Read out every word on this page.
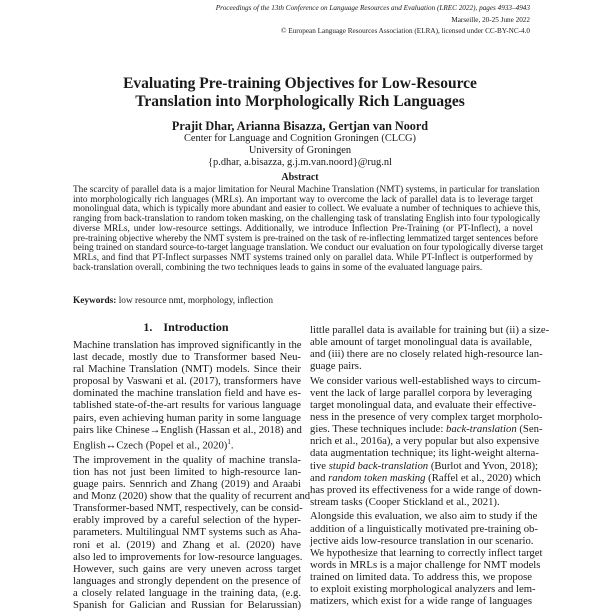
Proceedings of the 13th Conference on Language Resources and Evaluation (LREC 2022), pages 4933–4943
Marseille, 20-25 June 2022
© European Language Resources Association (ELRA), licensed under CC-BY-NC-4.0
Evaluating Pre-training Objectives for Low-Resource
Translation into Morphologically Rich Languages
Prajit Dhar, Arianna Bisazza, Gertjan van Noord
Center for Language and Cognition Groningen (CLCG)
University of Groningen
{p.dhar, a.bisazza, g.j.m.van.noord}@rug.nl
Abstract
The scarcity of parallel data is a major limitation for Neural Machine Translation (NMT) systems, in particular for translation
into morphologically rich languages (MRLs). An important way to overcome the lack of parallel data is to leverage target
monolingual data, which is typically more abundant and easier to collect. We evaluate a number of techniques to achieve this,
ranging from back-translation to random token masking, on the challenging task of translating English into four typologically
diverse MRLs, under low-resource settings. Additionally, we introduce Inflection Pre-Training (or PT-Inflect), a novel
pre-training objective whereby the NMT system is pre-trained on the task of re-inflecting lemmatized target sentences before
being trained on standard source-to-target language translation. We conduct our evaluation on four typologically diverse target
MRLs, and find that PT-Inflect surpasses NMT systems trained only on parallel data. While PT-Inflect is outperformed by
back-translation overall, combining the two techniques leads to gains in some of the evaluated language pairs.
Keywords: low resource nmt, morphology, inflection
1. Introduction
Machine translation has improved significantly in the
last decade, mostly due to Transformer based Neu-
ral Machine Translation (NMT) models. Since their
proposal by Vaswani et al. (2017), transformers have
dominated the machine translation field and have es-
tablished state-of-the-art results for various language
pairs, even achieving human parity in some language
pairs like Chinese→English (Hassan et al., 2018) and
English↔Czech (Popel et al., 2020)$^1$.
The improvement in the quality of machine transla-
tion has not just been limited to high-resource lan-
guage pairs. Sennrich and Zhang (2019) and Araabi
and Monz (2020) show that the quality of recurrent and
Transformer-based NMT, respectively, can be consid-
erably improved by a careful selection of the hyper-
parameters. Multilingual NMT systems such as Aha-
roni et al. (2019) and Zhang et al. (2020) have
also led to improvements for low-resource languages.
However, such gains are very uneven across target
languages and strongly dependent on the presence of
a closely related language in the training data, (e.g.
Spanish for Galician and Russian for Belarussian)
little parallel data is available for training but (ii) a size-
able amount of target monolingual data is available,
and (iii) there are no closely related high-resource lan-
guage pairs.
We consider various well-established ways to circum-
vent the lack of large parallel corpora by leveraging
target monolingual data, and evaluate their effective-
ness in the presence of very complex target morpholo-
gies. These techniques include: back-translation (Sen-
nrich et al., 2016a), a very popular but also expensive
data augmentation technique; its light-weight alterna-
tive stupid back-translation (Burlot and Yvon, 2018);
and random token masking (Raffel et al., 2020) which
has proved its effectiveness for a wide range of down-
stream tasks (Cooper Stickland et al., 2021).
Alongside this evaluation, we also aim to study if the
addition of a linguistically motivated pre-training ob-
jective aids low-resource translation in our scenario.
We hypothesize that learning to correctly inflect target
words in MRLs is a major challenge for NMT models
trained on limited data. To address this, we propose
to exploit existing morphological analyzers and lem-
matizers, which exist for a wide range of languages
